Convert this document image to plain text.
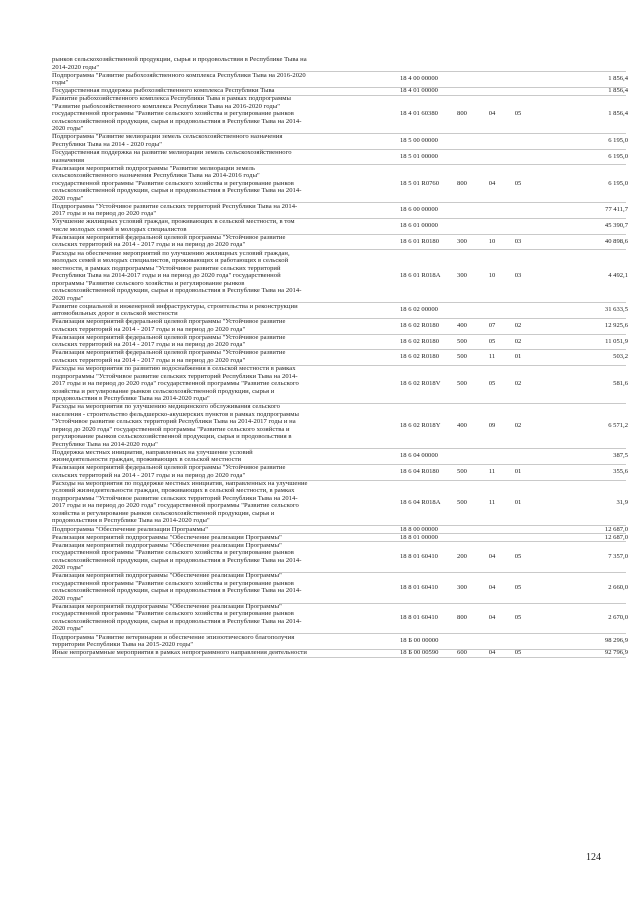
рынков сельскохозяйственной продукции, сырья и продовольствия в Республике Тыва на
2014-2020 годы"
Подпрограмма "Развитие рыбохозяйственного комплекса Республики Тыва на 2016-2020
годы"
18 4 00 00000	1 856,4
Государственная поддержка рыбохозяйственного комплекса Республики Тыва	18 4 01 00000	1 856,4
Развитие рыбохозяйственного комплекса Республики Тыва в рамках подпрограммы
"Развитие рыбохозяйственного комплекса Республики Тыва на 2016-2020 годы"
государственной программы "Развитие сельского хозяйства и регулирование рынков
сельскохозяйственной продукции, сырья и продовольствия в Республике Тыва на 2014-
2020 годы"
18 4 01 60380	800	04	05	1 856,4
Подпрограмма "Развитие мелиорации земель сельскохозяйственного назначения
Республики Тыва на 2014 - 2020 годы"
18 5 00 00000	6 195,0
Государственная поддержка на развитие мелиорации земель сельскохозяйственного
назначения
18 5 01 00000	6 195,0
Реализация мероприятий подпрограммы "Развитие мелиорации земель
сельскохозяйственного назначения Республики Тыва на 2014-2016 годы"
государственной программы "Развитие сельского хозяйства и регулирование рынков
сельскохозяйственной продукции, сырья и продовольствия в Республике Тыва на 2014-
2020 годы"
18 5 01 R0760	800	04	05	6 195,0
Подпрограмма "Устойчивое развитие сельских территорий Республики Тыва на 2014-
2017 годы и на период до 2020 года"
18 6 00 00000	77 411,7
Улучшение жилищных условий граждан, проживающих в сельской местности, в том
числе молодых семей и молодых специалистов
18 6 01 00000	45 390,7
Реализация мероприятий федеральной целевой программы "Устойчивое развитие
сельских территорий на 2014 - 2017 годы и на период до 2020 года"
18 6 01 R0180	300	10	03	40 898,6
Расходы на обеспечение мероприятий по улучшению жилищных условий граждан,
молодых семей и молодых специалистов, проживающих и работающих в сельской
местности, в рамках подпрограммы "Устойчивое развитие сельских территорий
Республики Тыва на 2014-2017 годы и на период до 2020 года" государственной
программы "Развитие сельского хозяйства и регулирование рынков
сельскохозяйственной продукции, сырья и продовольствия в Республике Тыва на 2014-
2020 годы"
18 6 01 R018А	300	10	03	4 492,1
Развитие социальной и инженерной инфраструктуры, строительства и реконструкции
автомобильных дорог в сельской местности
18 6 02 00000	31 633,5
Реализация мероприятий федеральной целевой программы "Устойчивое развитие
сельских территорий на 2014 - 2017 годы и на период до 2020 года"
18 6 02 R0180	400	07	02	12 925,6
Реализация мероприятий федеральной целевой программы "Устойчивое развитие
сельских территорий на 2014 - 2017 годы и на период до 2020 года"
18 6 02 R0180	500	05	02	11 051,9
Реализация мероприятий федеральной целевой программы "Устойчивое развитие
сельских территорий на 2014 - 2017 годы и на период до 2020 года"
18 6 02 R0180	500	11	01	503,2
Расходы на мероприятия по развитию водоснабжения в сельской местности в рамках
подпрограммы "Устойчивое развитие сельских территорий Республики Тыва на 2014-
2017 годы и на период до 2020 года" государственной программы "Развитие сельского
хозяйства и регулирование рынков сельскохозяйственной продукции, сырья и
продовольствия в Республике Тыва на 2014-2020 годы"
18 6 02 R018V	500	05	02	581,6
Расходы на мероприятия по улучшению медицинского обслуживания сельского
населения - строительство фельдшерско-акушерских пунктов в рамках подпрограммы
"Устойчивое развитие сельских территорий Республики Тыва на 2014-2017 годы и на
период до 2020 года" государственной программы "Развитие сельского хозяйства и
регулирование рынков сельскохозяйственной продукции, сырья и продовольствия в
Республике Тыва на 2014-2020 годы"
18 6 02 R018Y	400	09	02	6 571,2
Поддержка местных инициатив, направленных на улучшение условий
жизнедеятельности граждан, проживающих в сельской местности
18 6 04 00000	387,5
Реализация мероприятий федеральной целевой программы "Устойчивое развитие
сельских территорий на 2014 - 2017 годы и на период до 2020 года"
18 6 04 R0180	500	11	01	355,6
Расходы на мероприятия по поддержке местных инициатив, направленных на улучшение
условий жизнедеятельности граждан, проживающих в сельской местности, в рамках
подпрограммы "Устойчивое развитие сельских территорий Республики Тыва на 2014-
2017 годы и на период до 2020 года" государственной программы "Развитие сельского
хозяйства и регулирование рынков сельскохозяйственной продукции, сырья и
продовольствия в Республике Тыва на 2014-2020 годы"
18 6 04 R018А	500	11	01	31,9
Подпрограмма "Обеспечение реализации Программы"	18 8 00 00000	12 687,0
Реализация мероприятий подпрограммы "Обеспечение реализации Программы"	18 8 01 00000	12 687,0
Реализация мероприятий подпрограммы "Обеспечение реализации Программы"
государственной программы "Развитие сельского хозяйства и регулирование рынков
сельскохозяйственной продукции, сырья и продовольствия в Республике Тыва на 2014-
2020 годы"
18 8 01 60410	200	04	05	7 357,0
Реализация мероприятий подпрограммы "Обеспечение реализации Программы"
государственной программы "Развитие сельского хозяйства и регулирование рынков
сельскохозяйственной продукции, сырья и продовольствия в Республике Тыва на 2014-
2020 годы"
18 8 01 60410	300	04	05	2 660,0
Реализация мероприятий подпрограммы "Обеспечение реализации Программы"
государственной программы "Развитие сельского хозяйства и регулирование рынков
сельскохозяйственной продукции, сырья и продовольствия в Республике Тыва на 2014-
2020 годы"
18 8 01 60410	800	04	05	2 670,0
Подпрограмма "Развитие ветеринарии и обеспечение эпизоотического благополучия
территории Республики Тыва на 2015-2020 годы"
18 Б 00 00000	98 296,9
Иные непрограммные мероприятия в рамках непрограммного направления деятельности	18 Б 00 00590	600	04	05	92 796,9
124
